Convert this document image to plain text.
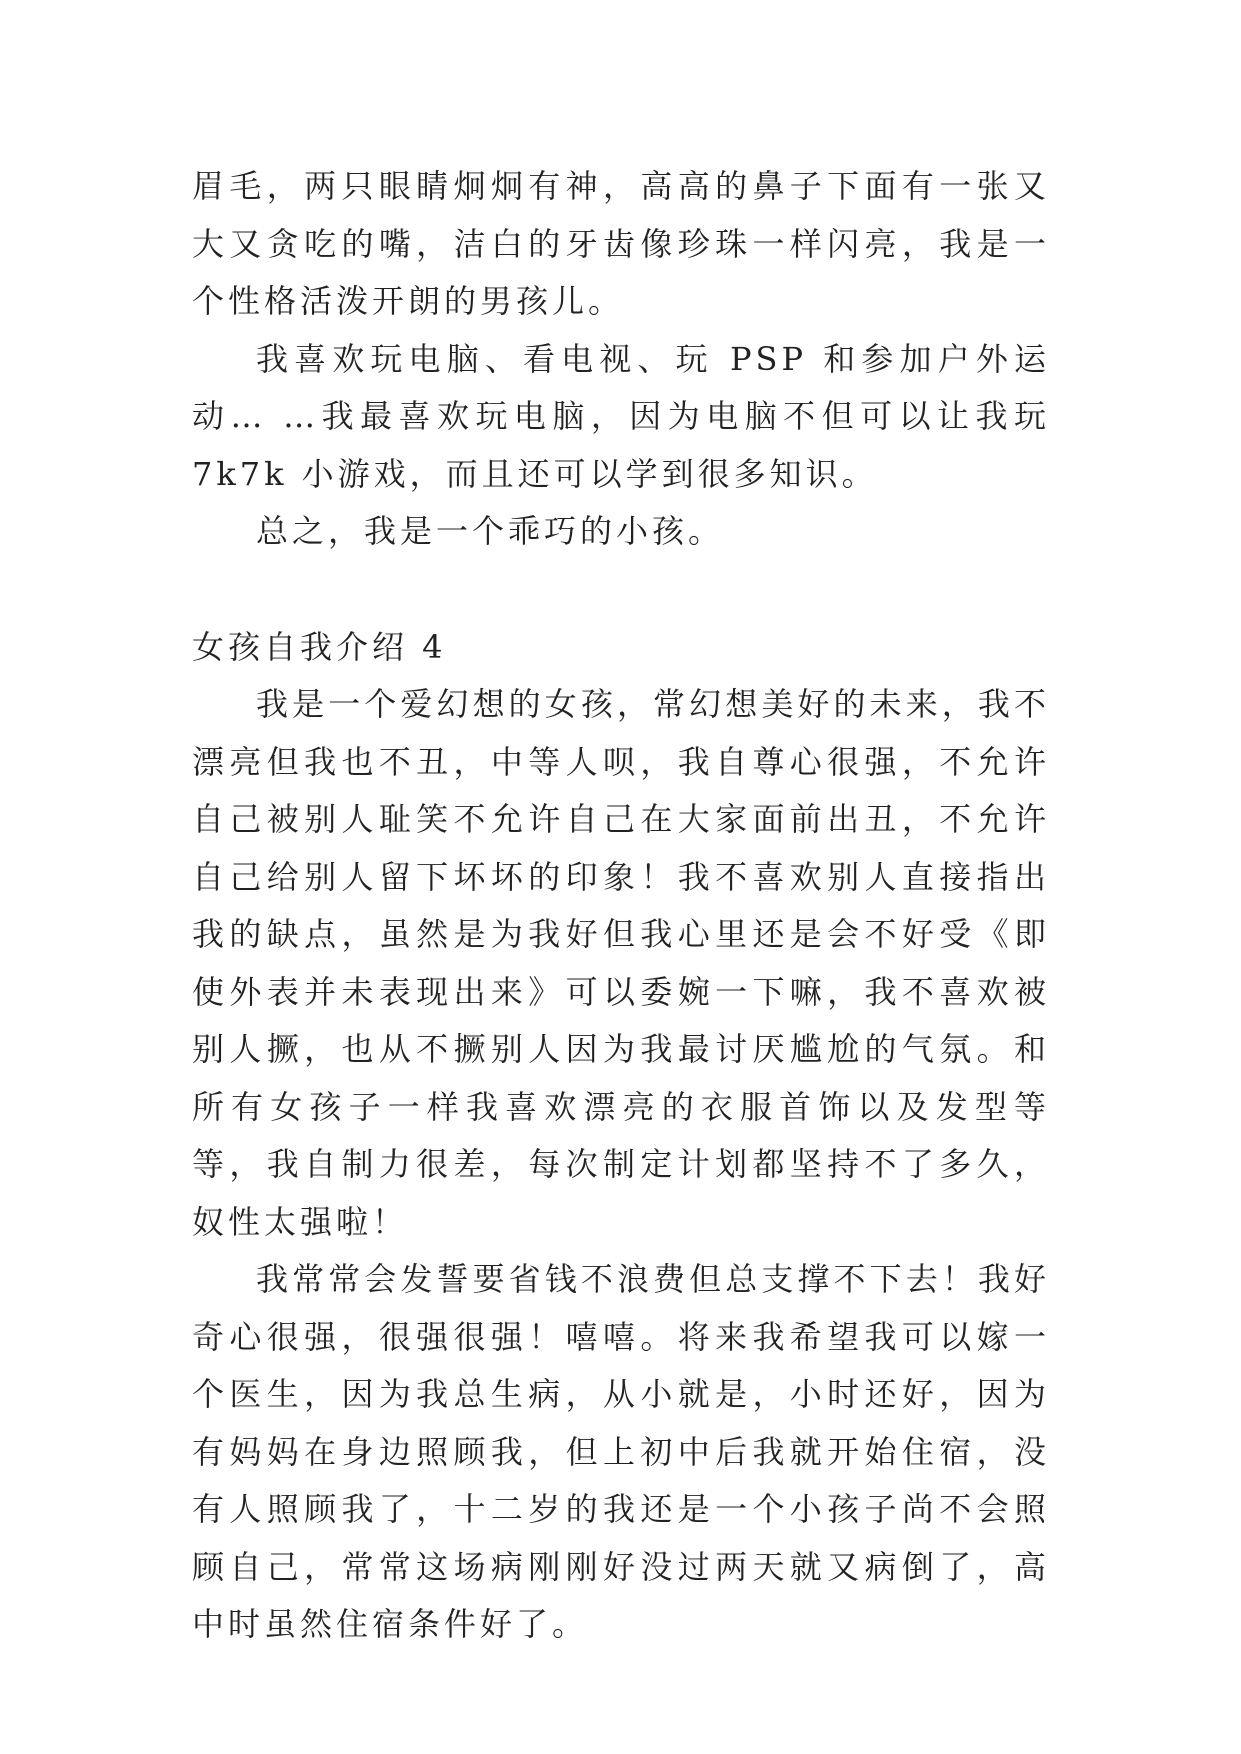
眉毛，两只眼睛炯炯有神，高高的鼻子下面有一张又大又贪吃的嘴，洁白的牙齿像珍珠一样闪亮，我是一个性格活泼开朗的男孩儿。

我喜欢玩电脑、看电视、玩 PSP 和参加户外运动… …我最喜欢玩电脑，因为电脑不但可以让我玩 7k7k 小游戏，而且还可以学到很多知识。

总之，我是一个乖巧的小孩。

女孩自我介绍 4

我是一个爱幻想的女孩，常幻想美好的未来，我不漂亮但我也不丑，中等人呗，我自尊心很强，不允许自己被别人耻笑不允许自己在大家面前出丑，不允许自己给别人留下坏坏的印象！我不喜欢别人直接指出我的缺点，虽然是为我好但我心里还是会不好受《即使外表并未表现出来》可以委婉一下嘛，我不喜欢被别人撅，也从不撅别人因为我最讨厌尴尬的气氛。和所有女孩子一样我喜欢漂亮的衣服首饰以及发型等等，我自制力很差，每次制定计划都坚持不了多久，奴性太强啦！

我常常会发誓要省钱不浪费但总支撑不下去！我好奇心很强，很强很强！嘻嘻。将来我希望我可以嫁一个医生，因为我总生病，从小就是，小时还好，因为有妈妈在身边照顾我，但上初中后我就开始住宿，没有人照顾我了，十二岁的我还是一个小孩子尚不会照顾自己，常常这场病刚刚好没过两天就又病倒了，高中时虽然住宿条件好了。
